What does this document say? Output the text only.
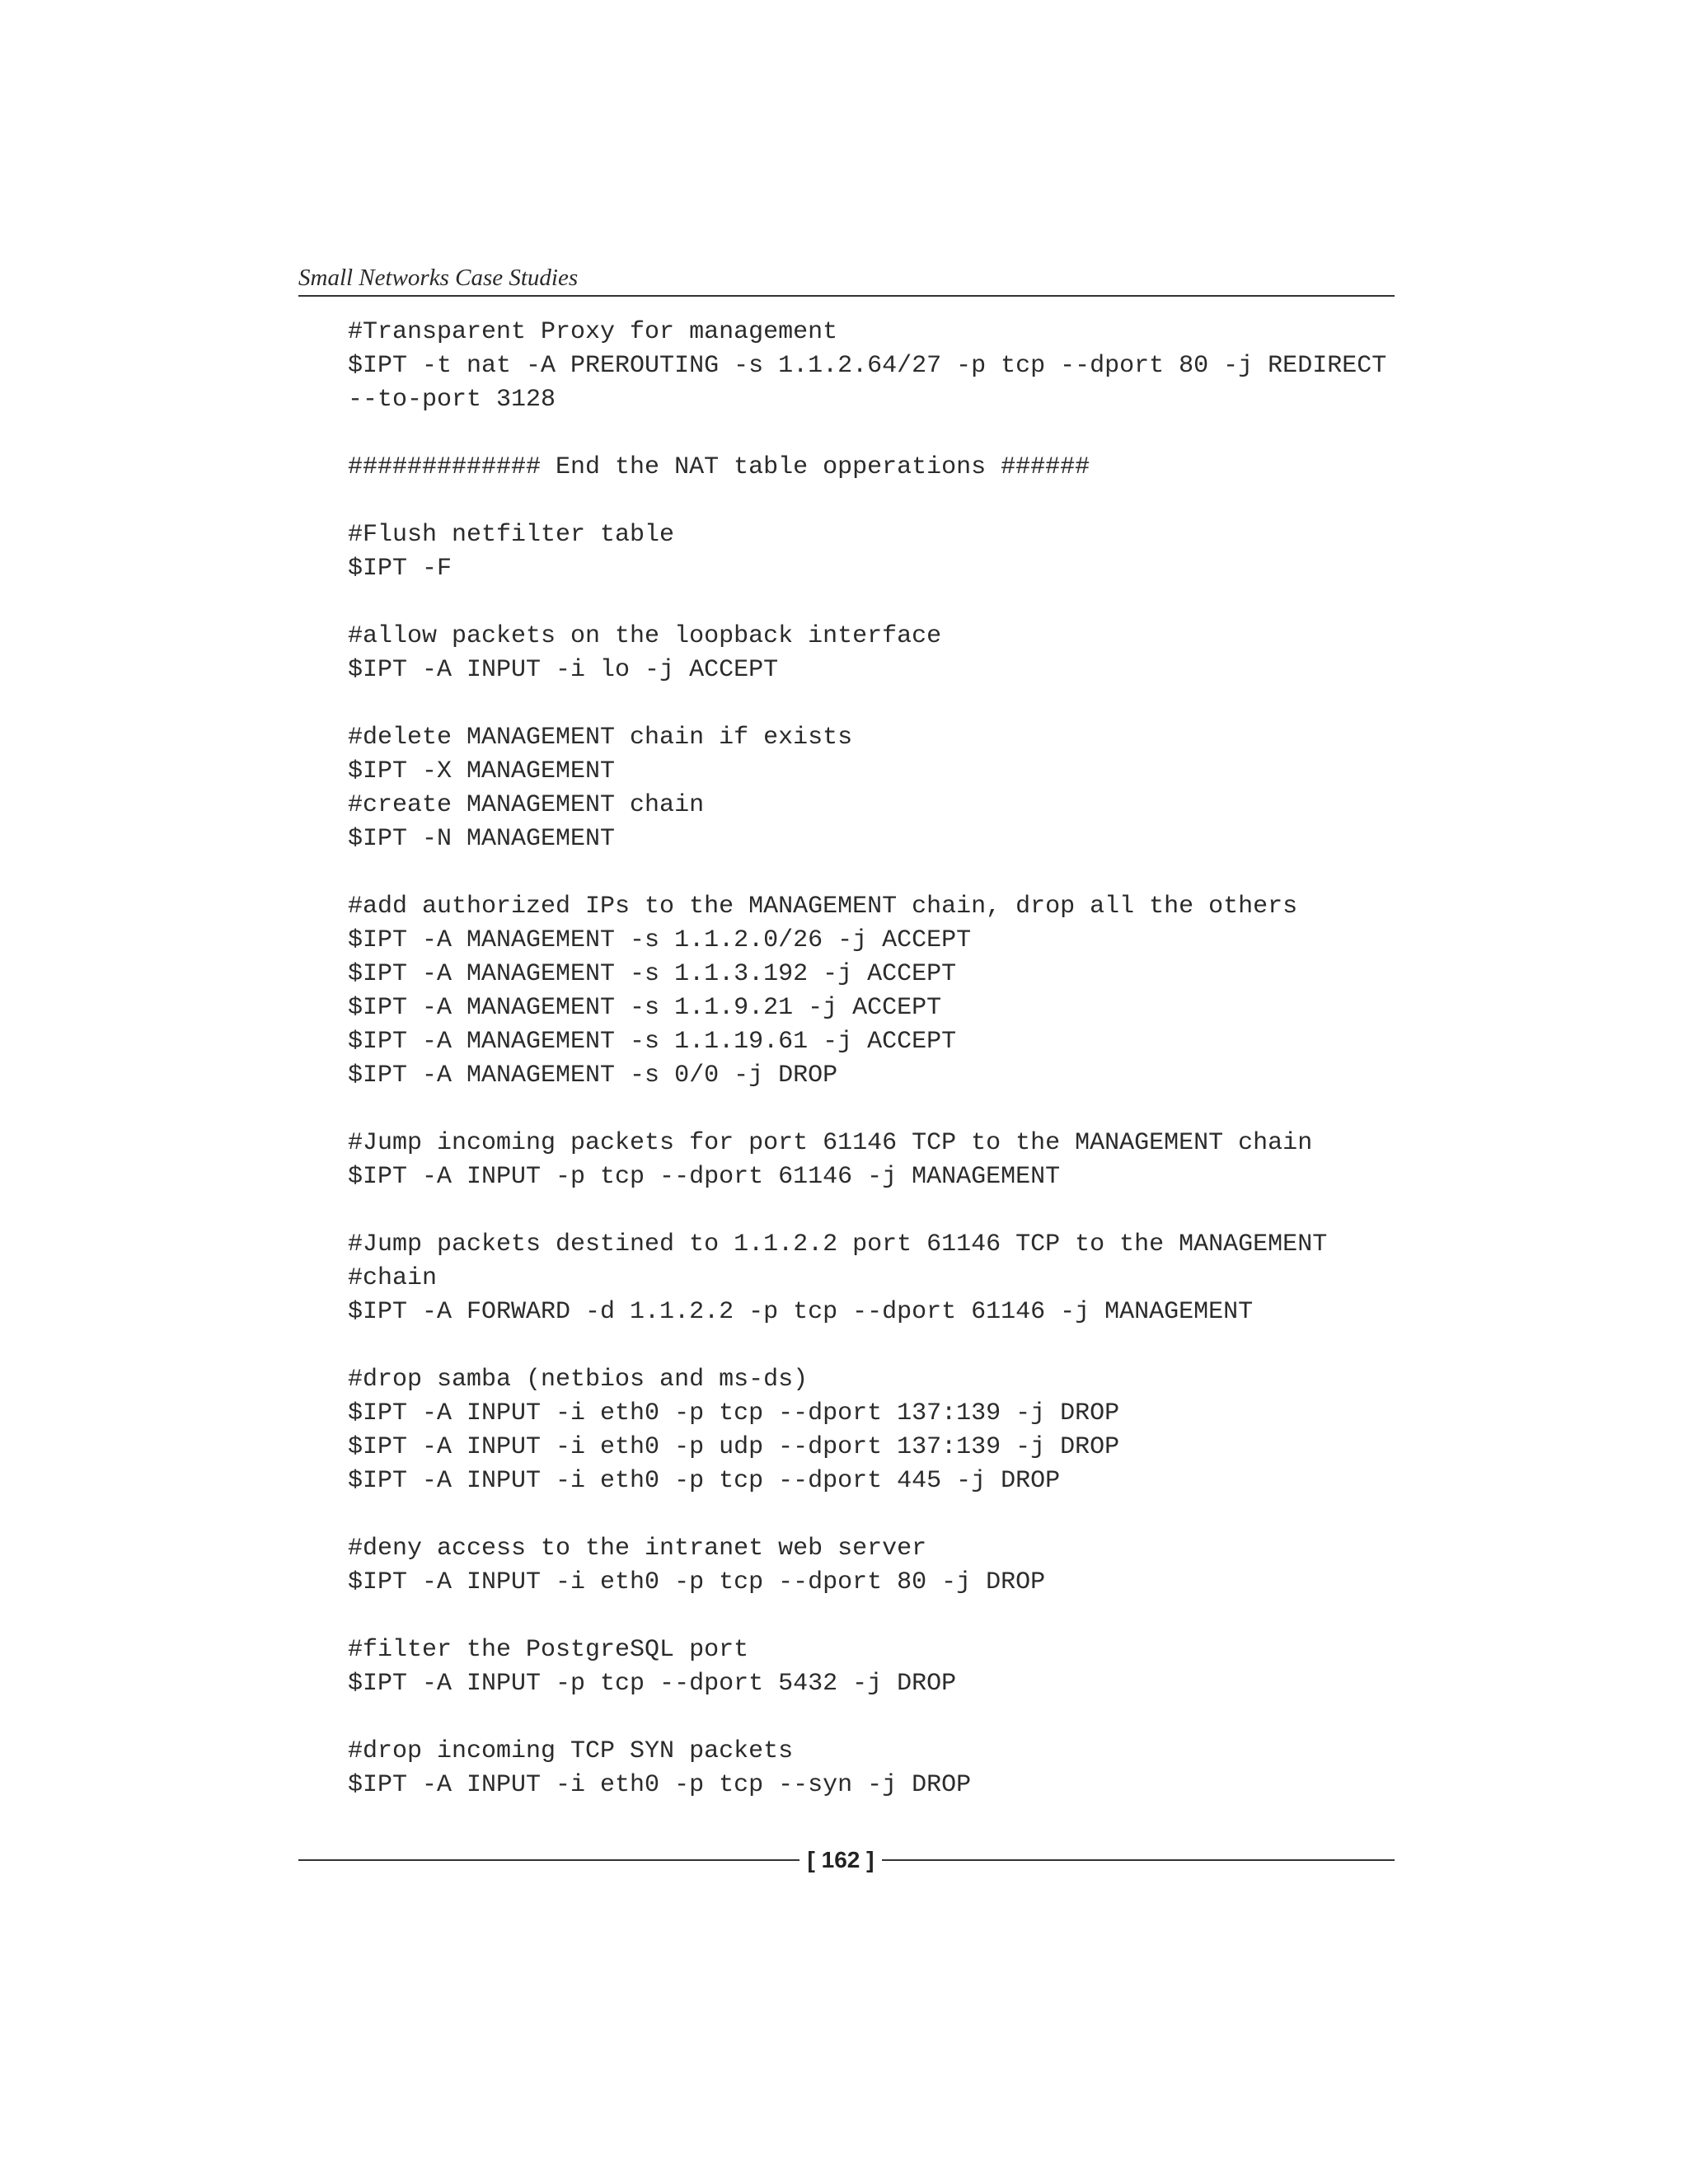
Small Networks Case Studies
#Transparent Proxy for management
$IPT -t nat -A PREROUTING -s 1.1.2.64/27 -p tcp --dport 80 -j REDIRECT
--to-port 3128
############# End the NAT table opperations ######
#Flush netfilter table
$IPT -F
#allow packets on the loopback interface
$IPT -A INPUT -i lo -j ACCEPT
#delete MANAGEMENT chain if exists
$IPT -X MANAGEMENT
#create MANAGEMENT chain
$IPT -N MANAGEMENT
#add authorized IPs to the MANAGEMENT chain, drop all the others
$IPT -A MANAGEMENT -s 1.1.2.0/26 -j ACCEPT
$IPT -A MANAGEMENT -s 1.1.3.192 -j ACCEPT
$IPT -A MANAGEMENT -s 1.1.9.21 -j ACCEPT
$IPT -A MANAGEMENT -s 1.1.19.61 -j ACCEPT
$IPT -A MANAGEMENT -s 0/0 -j DROP
#Jump incoming packets for port 61146 TCP to the MANAGEMENT chain
$IPT -A INPUT -p tcp --dport 61146 -j MANAGEMENT
#Jump packets destined to 1.1.2.2 port 61146 TCP to the MANAGEMENT
#chain
$IPT -A FORWARD -d 1.1.2.2 -p tcp --dport 61146 -j MANAGEMENT
#drop samba (netbios and ms-ds)
$IPT -A INPUT -i eth0 -p tcp --dport 137:139 -j DROP
$IPT -A INPUT -i eth0 -p udp --dport 137:139 -j DROP
$IPT -A INPUT -i eth0 -p tcp --dport 445 -j DROP
#deny access to the intranet web server
$IPT -A INPUT -i eth0 -p tcp --dport 80 -j DROP
#filter the PostgreSQL port
$IPT -A INPUT -p tcp --dport 5432 -j DROP
#drop incoming TCP SYN packets
$IPT -A INPUT -i eth0 -p tcp --syn -j DROP
[ 162 ]
